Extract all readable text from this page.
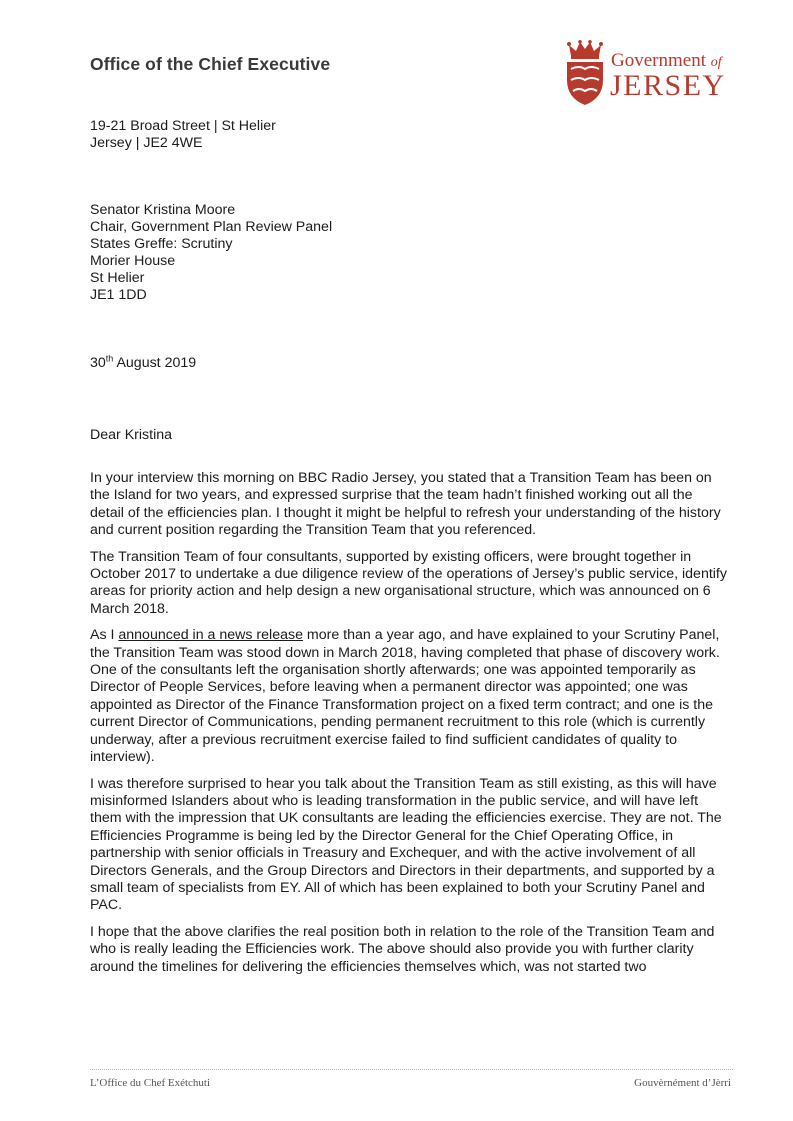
Office of the Chief Executive	Government of
JERSEY
19-21 Broad Street | St Helier
Jersey | JE2 4WE
Senator Kristina Moore
Chair, Government Plan Review Panel
States Greffe: Scrutiny
Morier House
St Helier
JE1 1DD
30th August 2019
Dear Kristina

In your interview this morning on BBC Radio Jersey, you stated that a Transition Team has been on the Island for two years, and expressed surprise that the team hadn’t finished working out all the detail of the efficiencies plan. I thought it might be helpful to refresh your understanding of the history and current position regarding the Transition Team that you referenced.

The Transition Team of four consultants, supported by existing officers, were brought together in October 2017 to undertake a due diligence review of the operations of Jersey’s public service, identify areas for priority action and help design a new organisational structure, which was announced on 6 March 2018.

As I announced in a news release more than a year ago, and have explained to your Scrutiny Panel, the Transition Team was stood down in March 2018, having completed that phase of discovery work. One of the consultants left the organisation shortly afterwards; one was appointed temporarily as Director of People Services, before leaving when a permanent director was appointed; one was appointed as Director of the Finance Transformation project on a fixed term contract; and one is the current Director of Communications, pending permanent recruitment to this role (which is currently underway, after a previous recruitment exercise failed to find sufficient candidates of quality to interview).

I was therefore surprised to hear you talk about the Transition Team as still existing, as this will have misinformed Islanders about who is leading transformation in the public service, and will have left them with the impression that UK consultants are leading the efficiencies exercise. They are not. The Efficiencies Programme is being led by the Director General for the Chief Operating Office, in partnership with senior officials in Treasury and Exchequer, and with the active involvement of all Directors Generals, and the Group Directors and Directors in their departments, and supported by a small team of specialists from EY. All of which has been explained to both your Scrutiny Panel and PAC.

I hope that the above clarifies the real position both in relation to the role of the Transition Team and who is really leading the Efficiencies work. The above should also provide you with further clarity around the timelines for delivering the efficiencies themselves which, was not started two

L’Office du Chef Exétchuti	Gouvèrnément d’Jèrri
